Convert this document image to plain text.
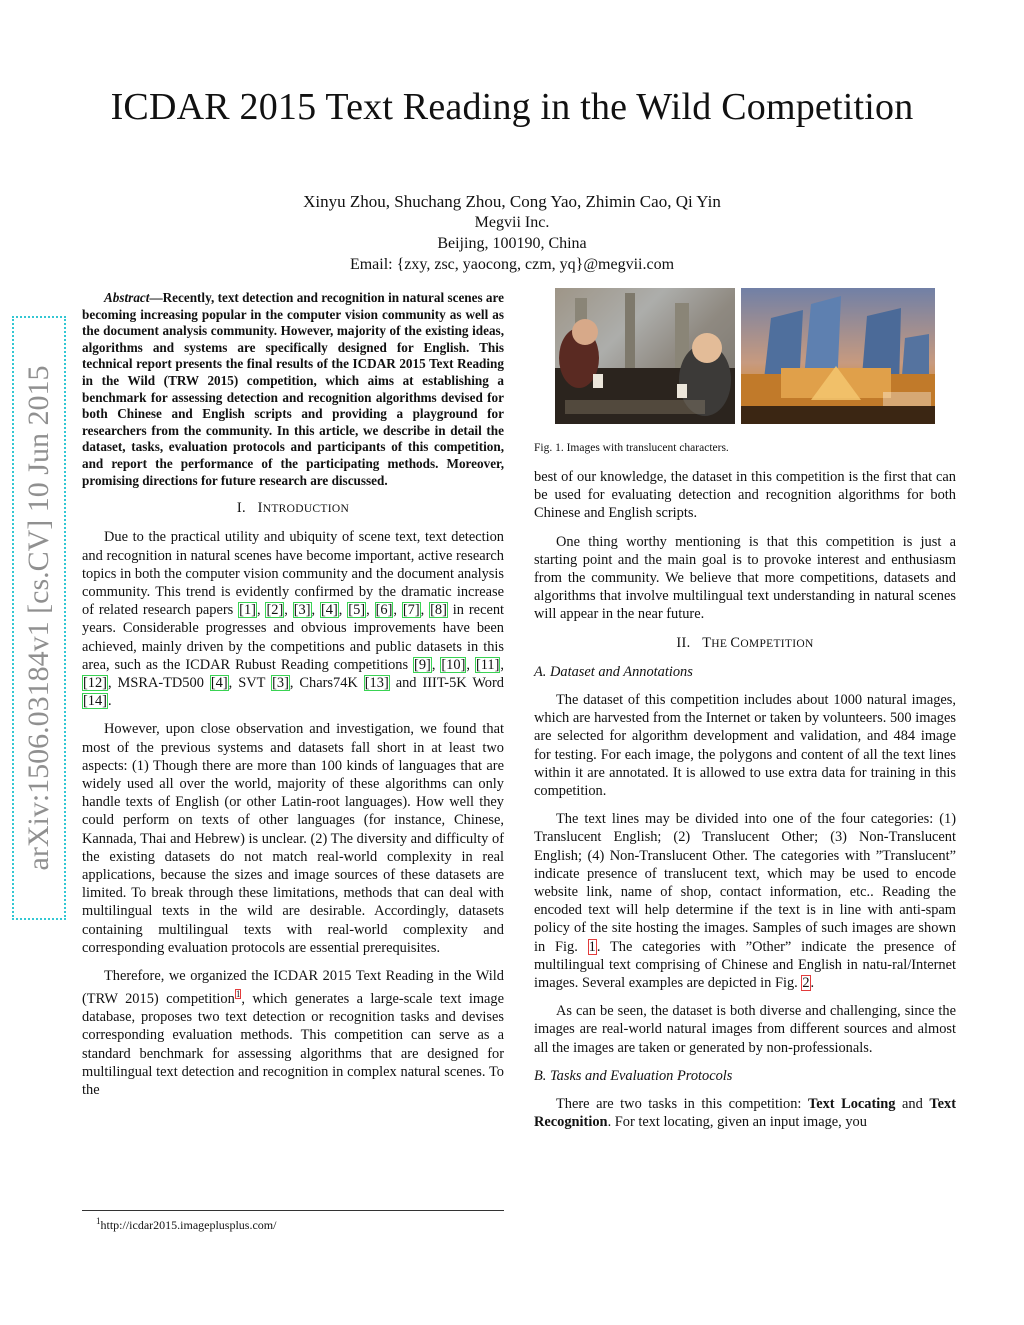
ICDAR 2015 Text Reading in the Wild Competition
Xinyu Zhou, Shuchang Zhou, Cong Yao, Zhimin Cao, Qi Yin
Megvii Inc.
Beijing, 100190, China
Email: {zxy, zsc, yaocong, czm, yq}@megvii.com
arXiv:1506.03184v1 [cs.CV] 10 Jun 2015

Abstract—Recently, text detection and recognition in natural scenes are becoming increasing popular in the computer vision community as well as the document analysis community. However, majority of the existing ideas, algorithms and systems are specifically designed for English. This technical report presents the final results of the ICDAR 2015 Text Reading in the Wild (TRW 2015) competition, which aims at establishing a benchmark for assessing detection and recognition algorithms devised for both Chinese and English scripts and providing a playground for researchers from the community. In this article, we describe in detail the dataset, tasks, evaluation protocols and participants of this competition, and report the performance of the participating methods. Moreover, promising directions for future research are discussed.

I. INTRODUCTION

Due to the practical utility and ubiquity of scene text, text detection and recognition in natural scenes have become important, active research topics in both the computer vision community and the document analysis community. This trend is evidently confirmed by the dramatic increase of related research papers [1], [2], [3], [4], [5], [6], [7], [8] in recent years. Considerable progresses and obvious improvements have been achieved, mainly driven by the competitions and public datasets in this area, such as the ICDAR Rubust Reading competitions [9], [10], [11], [12], MSRA-TD500 [4], SVT [3], Chars74K [13] and IIIT-5K Word [14].

However, upon close observation and investigation, we found that most of the previous systems and datasets fall short in at least two aspects: (1) Though there are more than 100 kinds of languages that are widely used all over the world, majority of these algorithms can only handle texts of English (or other Latin-root languages). How well they could perform on texts of other languages (for instance, Chinese, Kannada, Thai and Hebrew) is unclear. (2) The diversity and difficulty of the existing datasets do not match real-world complexity in real applications, because the sizes and image sources of these datasets are limited. To break through these limitations, methods that can deal with multilingual texts in the wild are desirable. Accordingly, datasets containing multilingual texts with real-world complexity and corresponding evaluation protocols are essential prerequisites.

Therefore, we organized the ICDAR 2015 Text Reading in the Wild (TRW 2015) competition$^1$, which generates a large-scale text image database, proposes two text detection or recognition tasks and devises corresponding evaluation methods. This competition can serve as a standard benchmark for assessing algorithms that are designed for multilingual text detection and recognition in complex natural scenes. To the

$^1$http://icdar2015.imageplusplus.com/
Fig. 1. Images with translucent characters.

best of our knowledge, the dataset in this competition is the first that can be used for evaluating detection and recognition algorithms for both Chinese and English scripts.

One thing worthy mentioning is that this competition is just a starting point and the main goal is to provoke interest and enthusiasm from the community. We believe that more competitions, datasets and algorithms that involve multilingual text understanding in natural scenes will appear in the near future.

II. THE COMPETITION
A. Dataset and Annotations

The dataset of this competition includes about 1000 natural images, which are harvested from the Internet or taken by volunteers. 500 images are selected for algorithm development and validation, and 484 image for testing. For each image, the polygons and content of all the text lines within it are annotated. It is allowed to use extra data for training in this competition.

The text lines may be divided into one of the four categories: (1) Translucent English; (2) Translucent Other; (3) Non-Translucent English; (4) Non-Translucent Other. The categories with ”Translucent” indicate presence of translucent text, which may be used to encode website link, name of shop, contact information, etc.. Reading the encoded text will help determine if the text is in line with anti-spam policy of the site hosting the images. Samples of such images are shown in Fig. 1. The categories with ”Other” indicate the presence of multilingual text comprising of Chinese and English in natu-ral/Internet images. Several examples are depicted in Fig. 2.

As can be seen, the dataset is both diverse and challenging, since the images are real-world natural images from different sources and almost all the images are taken or generated by non-professionals.

B. Tasks and Evaluation Protocols

There are two tasks in this competition: Text Locating and Text Recognition. For text locating, given an input image, you
